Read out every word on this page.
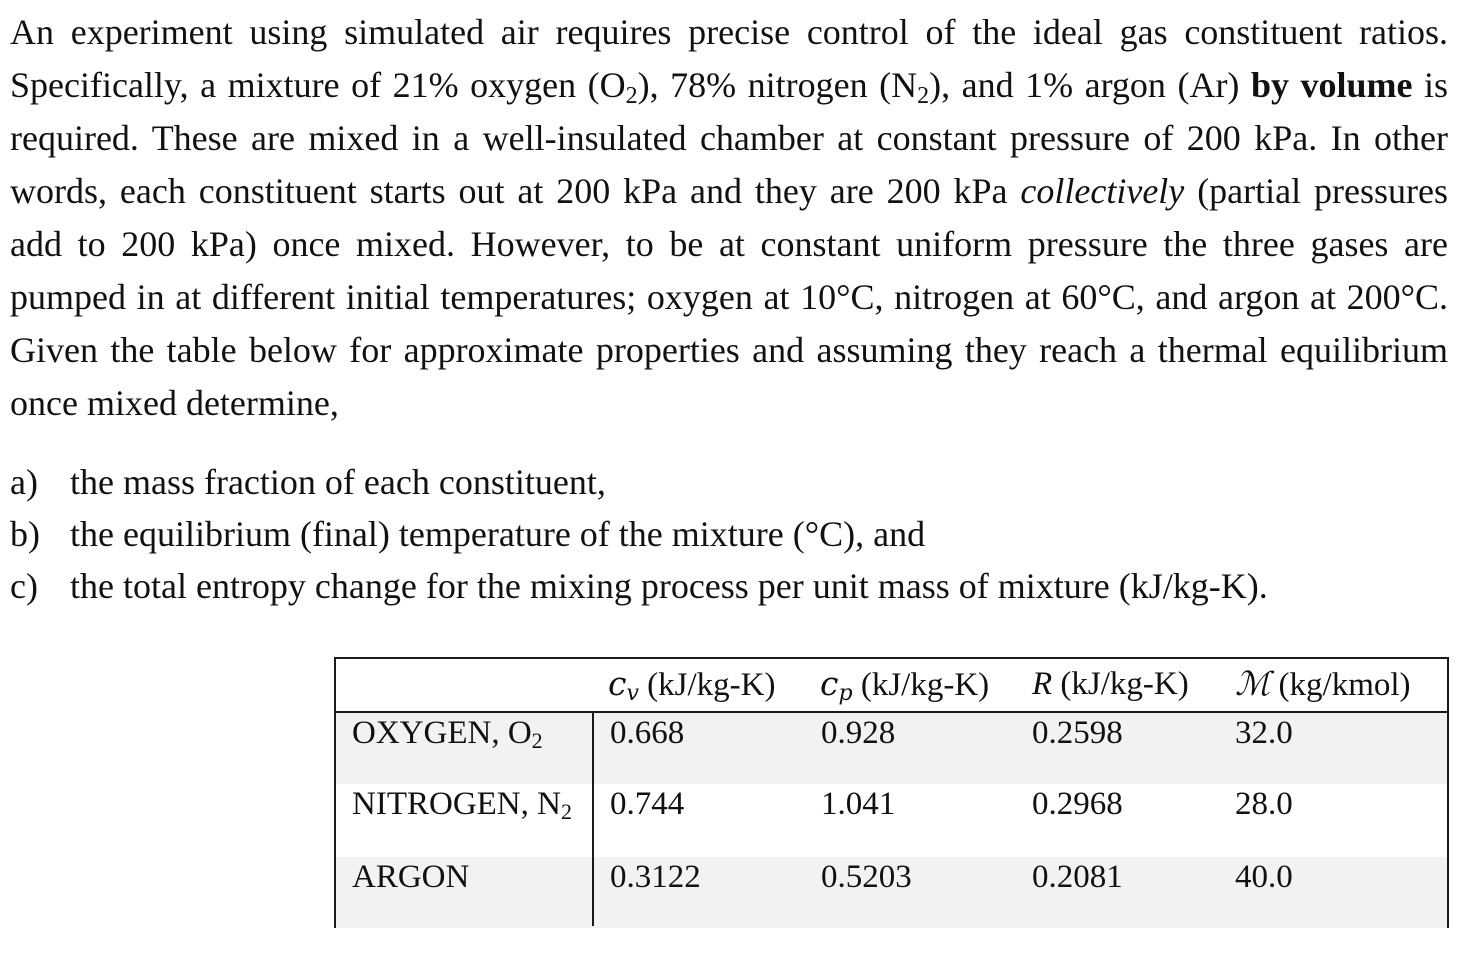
An experiment using simulated air requires precise control of the ideal gas constituent ratios. Specifically, a mixture of 21% oxygen $(O_2)$, 78% nitrogen $(N_2)$, and 1% argon (Ar) by volume is required. These are mixed in a well-insulated chamber at constant pressure of 200 kPa. In other words, each constituent starts out at 200 kPa and they are 200 kPa collectively (partial pressures add to 200 kPa) once mixed. However, to be at constant uniform pressure the three gases are pumped in at different initial temperatures; oxygen at 10°C, nitrogen at 60°C, and argon at 200°C. Given the table below for approximate properties and assuming they reach a thermal equilibrium once mixed determine,

a) the mass fraction of each constituent,
b) the equilibrium (final) temperature of the mixture (°C), and
c) the total entropy change for the mixing process per unit mass of mixture (kJ/kg-K).
cv (kJ/kg-K) cp (kJ/kg-K) R (kJ/kg-K) ℳ (kg/kmol)
OXYGEN, $O_2$ 0.668	0.928	0.2598	32.0
NITROGEN, $N_2$ 0.744	1.041	0.2968	28.0
ARGON	0.3122	0.5203	0.2081	40.0
